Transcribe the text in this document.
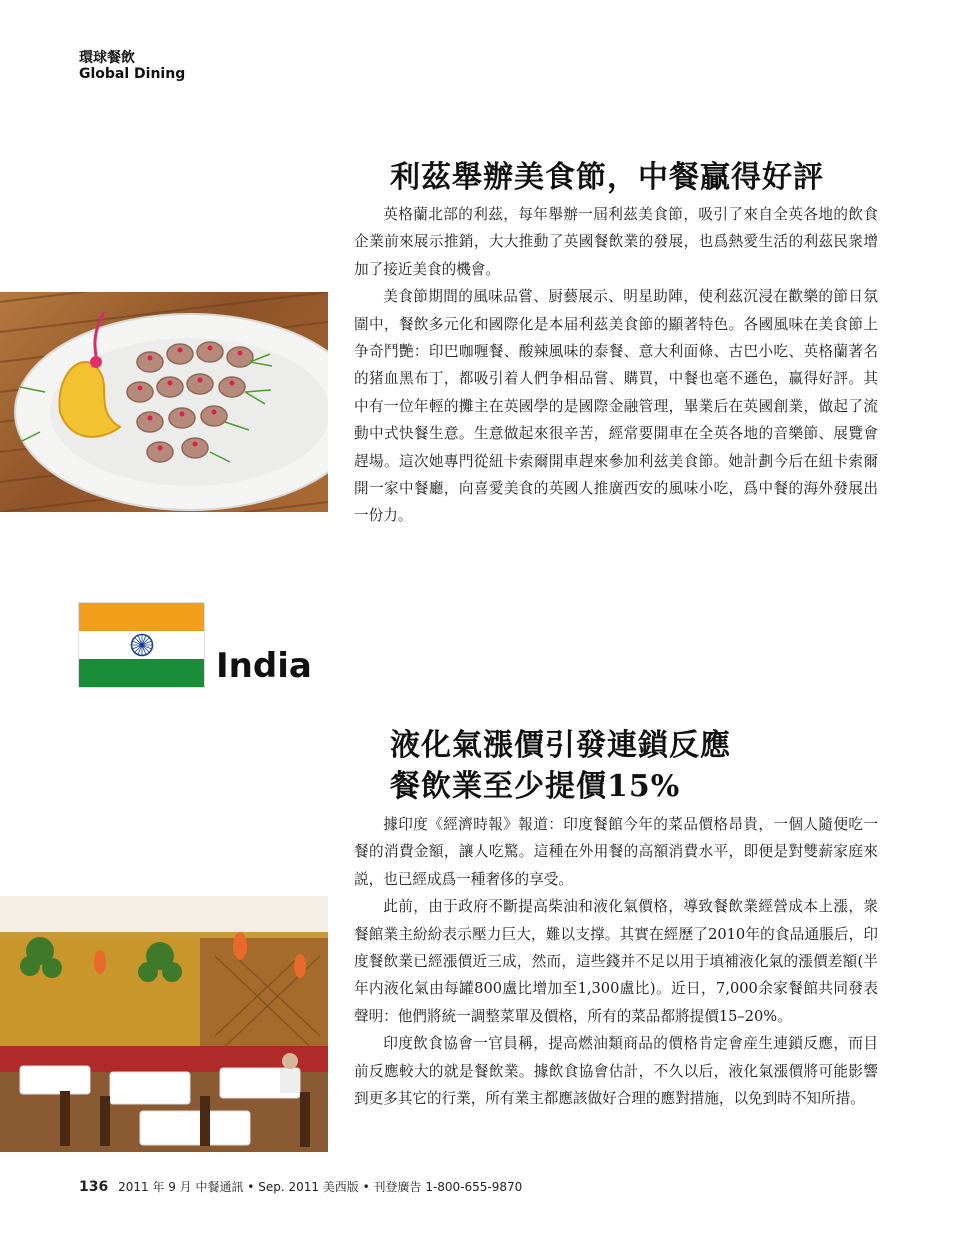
環球餐飲
Global Dining
利茲舉辦美食節，中餐贏得好評

英格蘭北部的利茲，每年舉辦一屆利茲美食節，吸引了來自全英各地的飲食企業前來展示推銷，大大推動了英國餐飲業的發展，也爲熱愛生活的利茲民衆增加了接近美食的機會。

美食節期間的風味品嘗、厨藝展示、明星助陣，使利茲沉浸在歡樂的節日氛圍中，餐飲多元化和國際化是本届利茲美食節的顯著特色。各國風味在美食節上争奇鬥艷：印巴咖喱餐、酸辣風味的泰餐、意大利面條、古巴小吃、英格蘭著名的猪血黑布丁，都吸引着人們争相品嘗、購買，中餐也毫不遜色，赢得好評。其中有一位年輕的攤主在英國學的是國際金融管理，畢業后在英國創業，做起了流動中式快餐生意。生意做起來很辛苦，經常要開車在全英各地的音樂節、展覽會趕場。這次她專門從紐卡索爾開車趕來參加利兹美食節。她計劃今后在紐卡索爾開一家中餐廳，向喜愛美食的英國人推廣西安的風味小吃，爲中餐的海外發展出一份力。

India
液化氣漲價引發連鎖反應
餐飲業至少提價15%

據印度《經濟時報》報道：印度餐館今年的菜品價格昂貴，一個人隨便吃一餐的消費金額，讓人吃驚。這種在外用餐的高額消費水平，即便是對雙薪家庭來説，也已經成爲一種奢侈的享受。

此前，由于政府不斷提高柴油和液化氣價格，導致餐飲業經營成本上漲，衆餐館業主紛紛表示壓力巨大，難以支撑。其實在經歷了2010年的食品通脹后，印度餐飲業已經漲價近三成，然而，這些錢并不足以用于填補液化氣的漲價差額(半年内液化氣由每罐800盧比增加至1,300盧比)。近日，7,000余家餐館共同發表聲明：他們將統一調整菜單及價格，所有的菜品都將提價15–20%。

印度飲食協會一官員稱，提高燃油類商品的價格肯定會産生連鎖反應，而目前反應較大的就是餐飲業。據飲食協會估計，不久以后，液化氣漲價將可能影響到更多其它的行業，所有業主都應該做好合理的應對措施，以免到時不知所措。

136 2011 年 9 月 中餐通訊 • Sep. 2011 美西版 • 刊登廣告 1-800-655-9870
